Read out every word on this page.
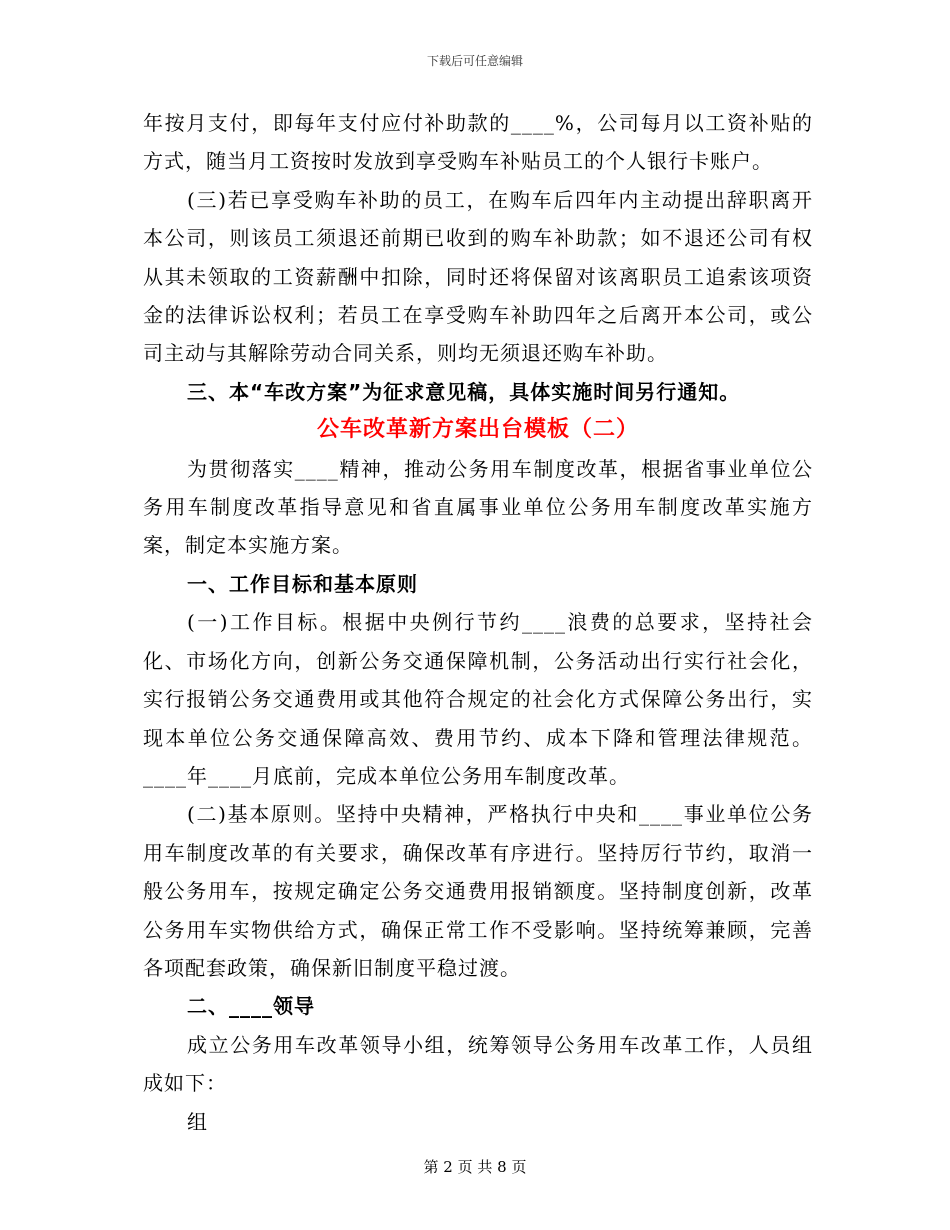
下载后可任意编辑

年按月支付，即每年支付应付补助款的____%，公司每月以工资补贴的方式，随当月工资按时发放到享受购车补贴员工的个人银行卡账户。

(三)若已享受购车补助的员工，在购车后四年内主动提出辞职离开本公司，则该员工须退还前期已收到的购车补助款；如不退还公司有权从其未领取的工资薪酬中扣除，同时还将保留对该离职员工追索该项资金的法律诉讼权利；若员工在享受购车补助四年之后离开本公司，或公司主动与其解除劳动合同关系，则均无须退还购车补助。

三、本“车改方案”为征求意见稿，具体实施时间另行通知。

公车改革新方案出台模板（二）

为贯彻落实____精神，推动公务用车制度改革，根据省事业单位公务用车制度改革指导意见和省直属事业单位公务用车制度改革实施方案，制定本实施方案。

一、工作目标和基本原则

(一)工作目标。根据中央例行节约____浪费的总要求，坚持社会化、市场化方向，创新公务交通保障机制，公务活动出行实行社会化，实行报销公务交通费用或其他符合规定的社会化方式保障公务出行，实现本单位公务交通保障高效、费用节约、成本下降和管理法律规范。____年____月底前，完成本单位公务用车制度改革。

(二)基本原则。坚持中央精神，严格执行中央和____事业单位公务用车制度改革的有关要求，确保改革有序进行。坚持厉行节约，取消一般公务用车，按规定确定公务交通费用报销额度。坚持制度创新，改革公务用车实物供给方式，确保正常工作不受影响。坚持统筹兼顾，完善各项配套政策，确保新旧制度平稳过渡。

二、____领导

成立公务用车改革领导小组，统筹领导公务用车改革工作，人员组成如下：

组

第 2 页 共 8 页
